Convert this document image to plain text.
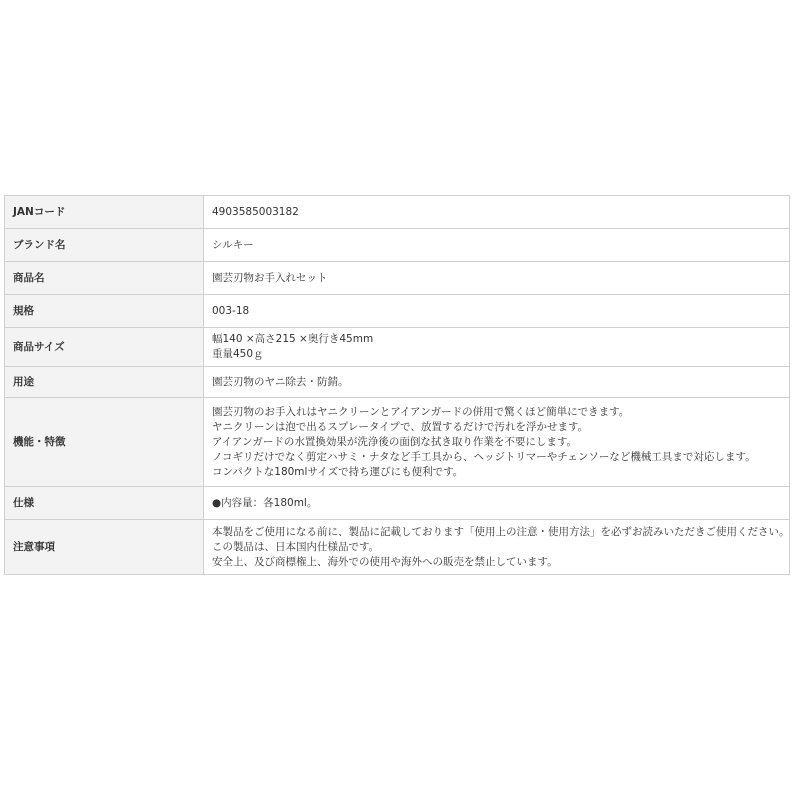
JANコード	4903585003182

ブランド名	シルキー

商品名	園芸刃物お手入れセット

規格	003-18

商品サイズ	幅140 ×高さ215 ×奥行き45mm
重量450ｇ

用途	園芸刃物のヤニ除去・防錆。

機能・特徴	園芸刃物のお手入れはヤニクリーンとアイアンガードの併用で驚くほど簡単にできます。
ヤニクリーンは泡で出るスプレータイプで、放置するだけで汚れを浮かせます。
アイアンガードの水置換効果が洗浄後の面倒な拭き取り作業を不要にします。
ノコギリだけでなく剪定ハサミ・ナタなど手工具から、ヘッジトリマーやチェンソーなど機械工具まで対応します。
コンパクトな180mlサイズで持ち運びにも便利です。

仕様	●内容量：各180ml。

注意事項	本製品をご使用になる前に、製品に記載しております「使用上の注意・使用方法」を必ずお読みいただきご使用ください。
この製品は、日本国内仕様品です。
安全上、及び商標権上、海外での使用や海外への販売を禁止しています。
